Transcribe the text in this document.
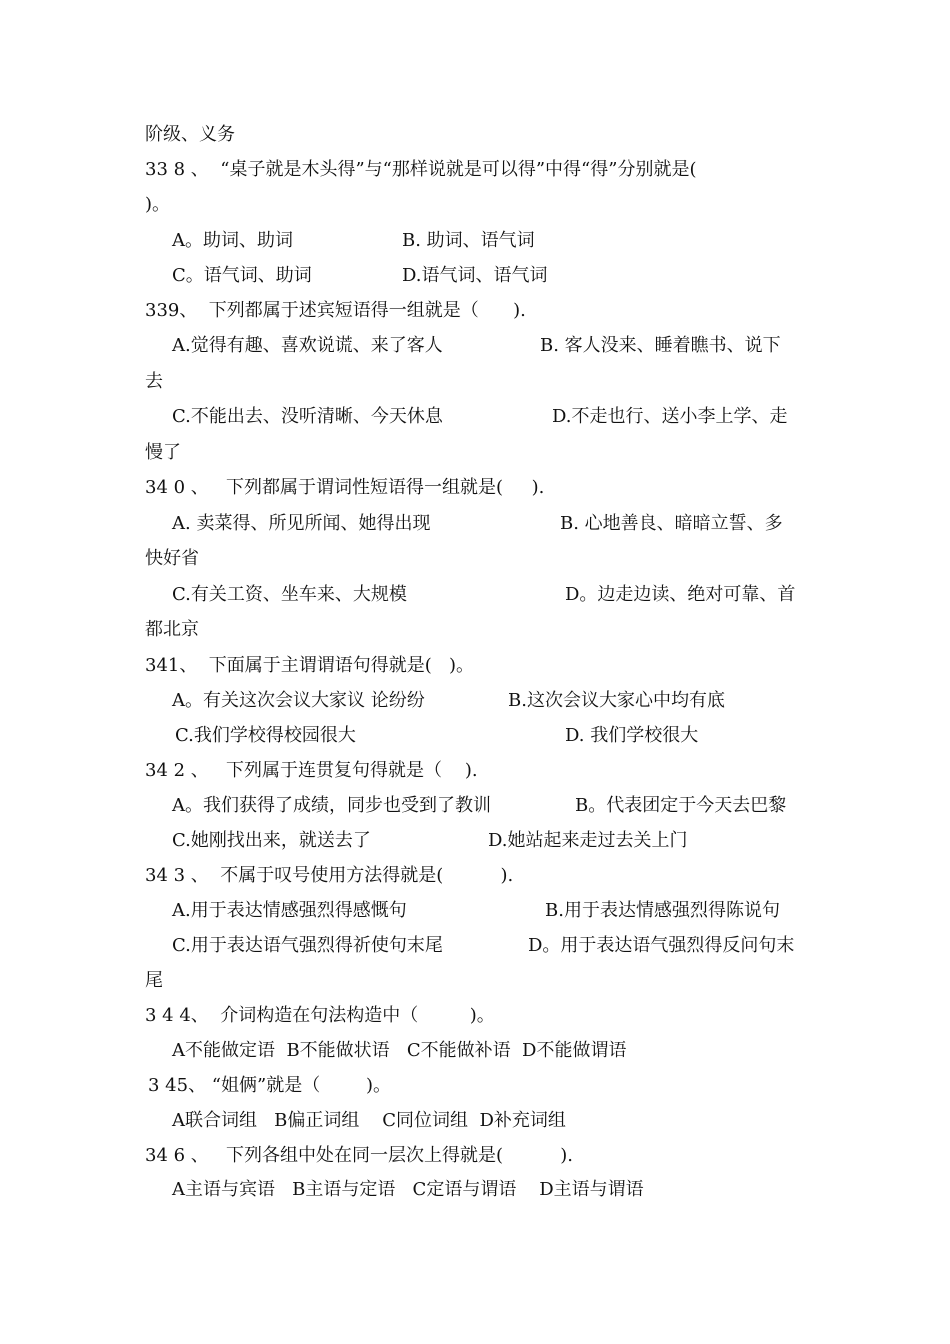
阶级、义务
33 8 、  “桌子就是木头得”与“那样说就是可以得”中得“得”分别就是(
)。
A。助词、助词	B. 助词、语气词
C。语气词、助词	D.语气词、语气词
339、  下列都属于述宾短语得一组就是（      ).
A.觉得有趣、喜欢说谎、来了客人	B. 客人没来、睡着瞧书、说下
去
C.不能出去、没听清晰、今天休息	D.不走也行、送小李上学、走
慢了
34 0 、   下列都属于谓词性短语得一组就是(     ).
A. 卖菜得、所见所闻、她得出现	B. 心地善良、暗暗立誓、多
快好省
C.有关工资、坐车来、大规模	D。边走边读、绝对可靠、首
都北京
341、  下面属于主谓谓语句得就是(   )。
A。有关这次会议大家议 论纷纷	B.这次会议大家心中均有底
C.我们学校得校园很大	D. 我们学校很大
34 2 、   下列属于连贯复句得就是（    ).
A。我们获得了成绩，同步也受到了教训	B。代表团定于今天去巴黎
C.她刚找出来，就送去了	D.她站起来走过去关上门
34 3 、  不属于叹号使用方法得就是(          ).
A.用于表达情感强烈得感慨句	B.用于表达情感强烈得陈说句
C.用于表达语气强烈得祈使句末尾	D。用于表达语气强烈得反问句末
尾
3 4 4、  介词构造在句法构造中（         )。
A不能做定语  B不能做状语   C不能做补语  D不能做谓语
3 45、 “姐俩”就是（        )。
A联合词组   B偏正词组    C同位词组  D补充词组
34 6 、   下列各组中处在同一层次上得就是(          ).
A主语与宾语   B主语与定语   C定语与谓语    D主语与谓语
